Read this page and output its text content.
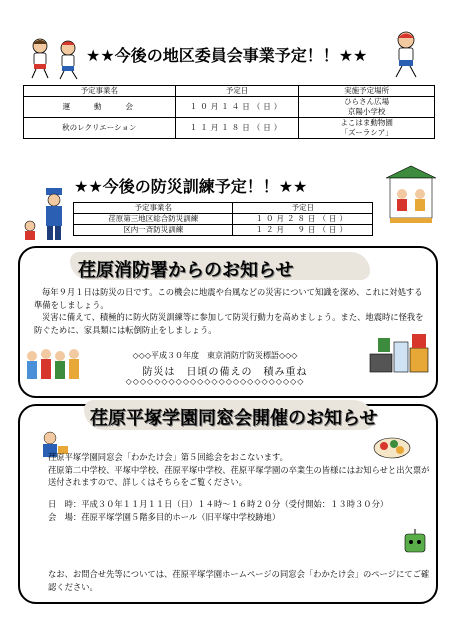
★★今後の地区委員会事業予定！！★★
予定事業名	予定日	実施予定場所
運　　動　　会	１０月１４日（日）	ひらさん広場
京陽小学校

秋のレクリエーション	１１月１８日（日）	よこはま動物園
「ズーラシア」
★★今後の防災訓練予定！！★★
予定事業名	予定日
荏原第三地区総合防災訓練	１０月２８日（日）
区内一斉防災訓練	１２月　９日（日）
荏原消防署からのお知らせ

毎年９月１日は防災の日です。この機会に地震や台風などの災害について知識を深め、これに対処する準備をしましょう。

災害に備えて、積極的に防火防災訓練等に参加して防災行動力を高めましょう。また、地震時に怪我を防ぐために、家具類には転倒防止をしましょう。

◇◇◇平成３０年度　東京消防庁防災標語◇◇◇
防災は　日頃の備えの　積み重ね
◇◇◇◇◇◇◇◇◇◇◇◇◇◇◇◇◇◇◇◇◇◇◇◇◇
荏原平塚学園同窓会開催のお知らせ

荏原平塚学園同窓会「わかたけ会」第５回総会をおこないます。

荏原第二中学校、平塚中学校、荏原平塚中学校、荏原平塚学園の卒業生の皆様にはお知らせと出欠票が送付されますので、詳しくはそちらをご覧ください。

日　時：平成３０年１１月１１日（日）１４時～１６時２０分（受付開始：１３時３０分）

会　場：荏原平塚学園５階多目的ホール（旧平塚中学校跡地）

なお、お問合せ先等については、荏原平塚学園ホームページの同窓会「わかたけ会」のページにてご確認ください。
